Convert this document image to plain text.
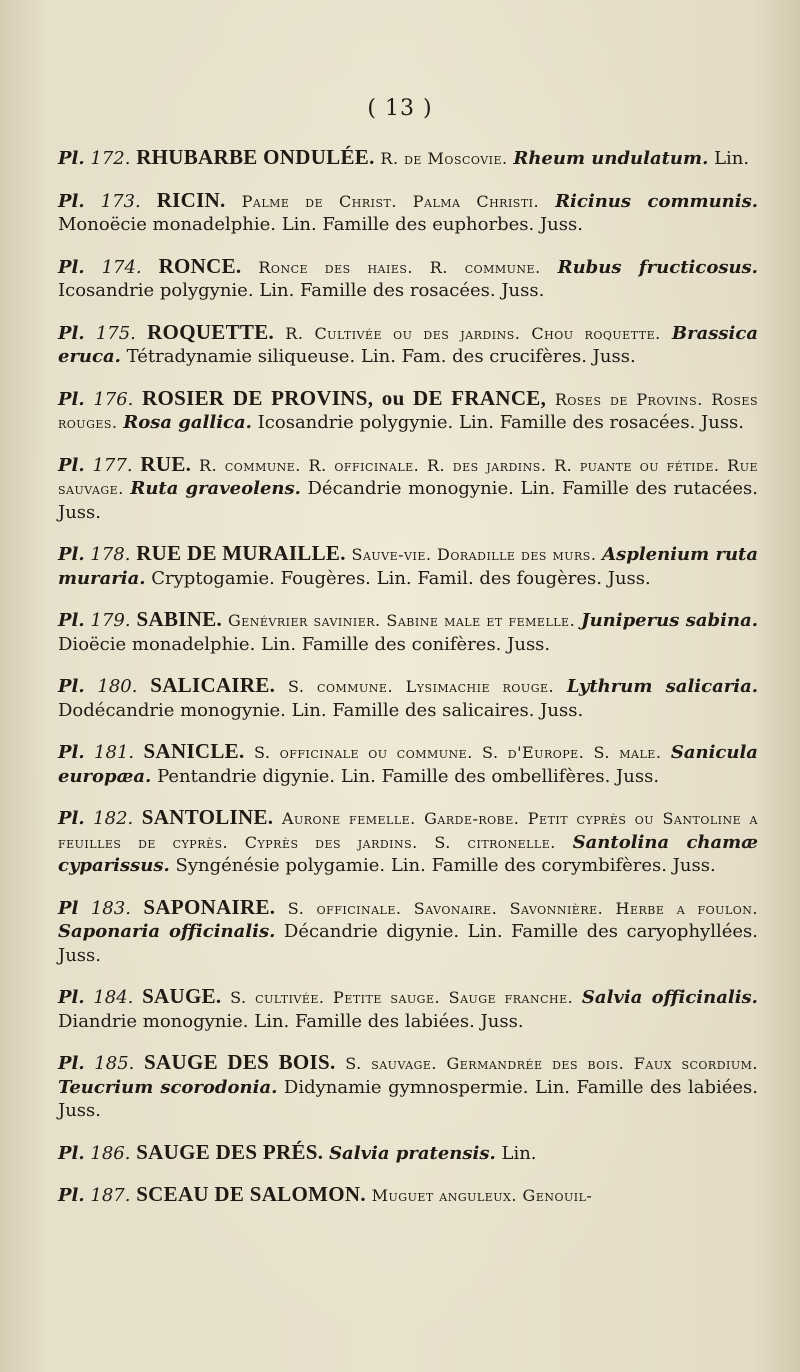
( 13 )

Pl. 172. RHUBARBE ONDULÉE. R. de Moscovie. Rheum undulatum. Lin.

Pl. 173. RICIN. Palme de Christ. Palma Christi. Ricinus communis. Monoëcie monadelphie. Lin. Famille des euphorbes. Juss.

Pl. 174. RONCE. Ronce des haies. R. commune. Rubus fructicosus. Icosandrie polygynie. Lin. Famille des rosacées. Juss.

Pl. 175. ROQUETTE. R. Cultivée ou des jardins. Chou roquette. Brassica eruca. Tétradynamie siliqueuse. Lin. Fam. des crucifères. Juss.

Pl. 176. ROSIER DE PROVINS, ou DE FRANCE, Roses de Provins. Roses rouges. Rosa gallica. Icosandrie polygynie. Lin. Famille des rosacées. Juss.

Pl. 177. RUE. R. commune. R. officinale. R. des jardins. R. puante ou fétide. Rue sauvage. Ruta graveolens. Décandrie monogynie. Lin. Famille des rutacées. Juss.

Pl. 178. RUE DE MURAILLE. Sauve-vie. Doradille des murs. Asplenium ruta muraria. Cryptogamie. Fougères. Lin. Famil. des fougères. Juss.

Pl. 179. SABINE. Genévrier savinier. Sabine male et femelle. Juniperus sabina. Dioëcie monadelphie. Lin. Famille des conifères. Juss.

Pl. 180. SALICAIRE. S. commune. Lysimachie rouge. Lythrum salicaria. Dodécandrie monogynie. Lin. Famille des salicaires. Juss.

Pl. 181. SANICLE. S. officinale ou commune. S. d'Europe. S. male. Sanicula europæa. Pentandrie digynie. Lin. Famille des ombellifères. Juss.

Pl. 182. SANTOLINE. Aurone femelle. Garde-robe. Petit cyprès ou Santoline a feuilles de cyprès. Cyprès des jardins. S. citronelle. Santolina chamæ cyparissus. Syngénésie polygamie. Lin. Famille des corymbifères. Juss.

Pl 183. SAPONAIRE. S. officinale. Savonaire. Savonnière. Herbe a foulon. Saponaria officinalis. Décandrie digynie. Lin. Famille des caryophyllées. Juss.

Pl. 184. SAUGE. S. cultivée. Petite sauge. Sauge franche. Salvia officinalis. Diandrie monogynie. Lin. Famille des labiées. Juss.

Pl. 185. SAUGE DES BOIS. S. sauvage. Germandrée des bois. Faux scordium. Teucrium scorodonia. Didynamie gymnospermie. Lin. Famille des labiées. Juss.

Pl. 186. SAUGE DES PRÉS. Salvia pratensis. Lin.

Pl. 187. SCEAU DE SALOMON. Muguet anguleux. Genouil-
